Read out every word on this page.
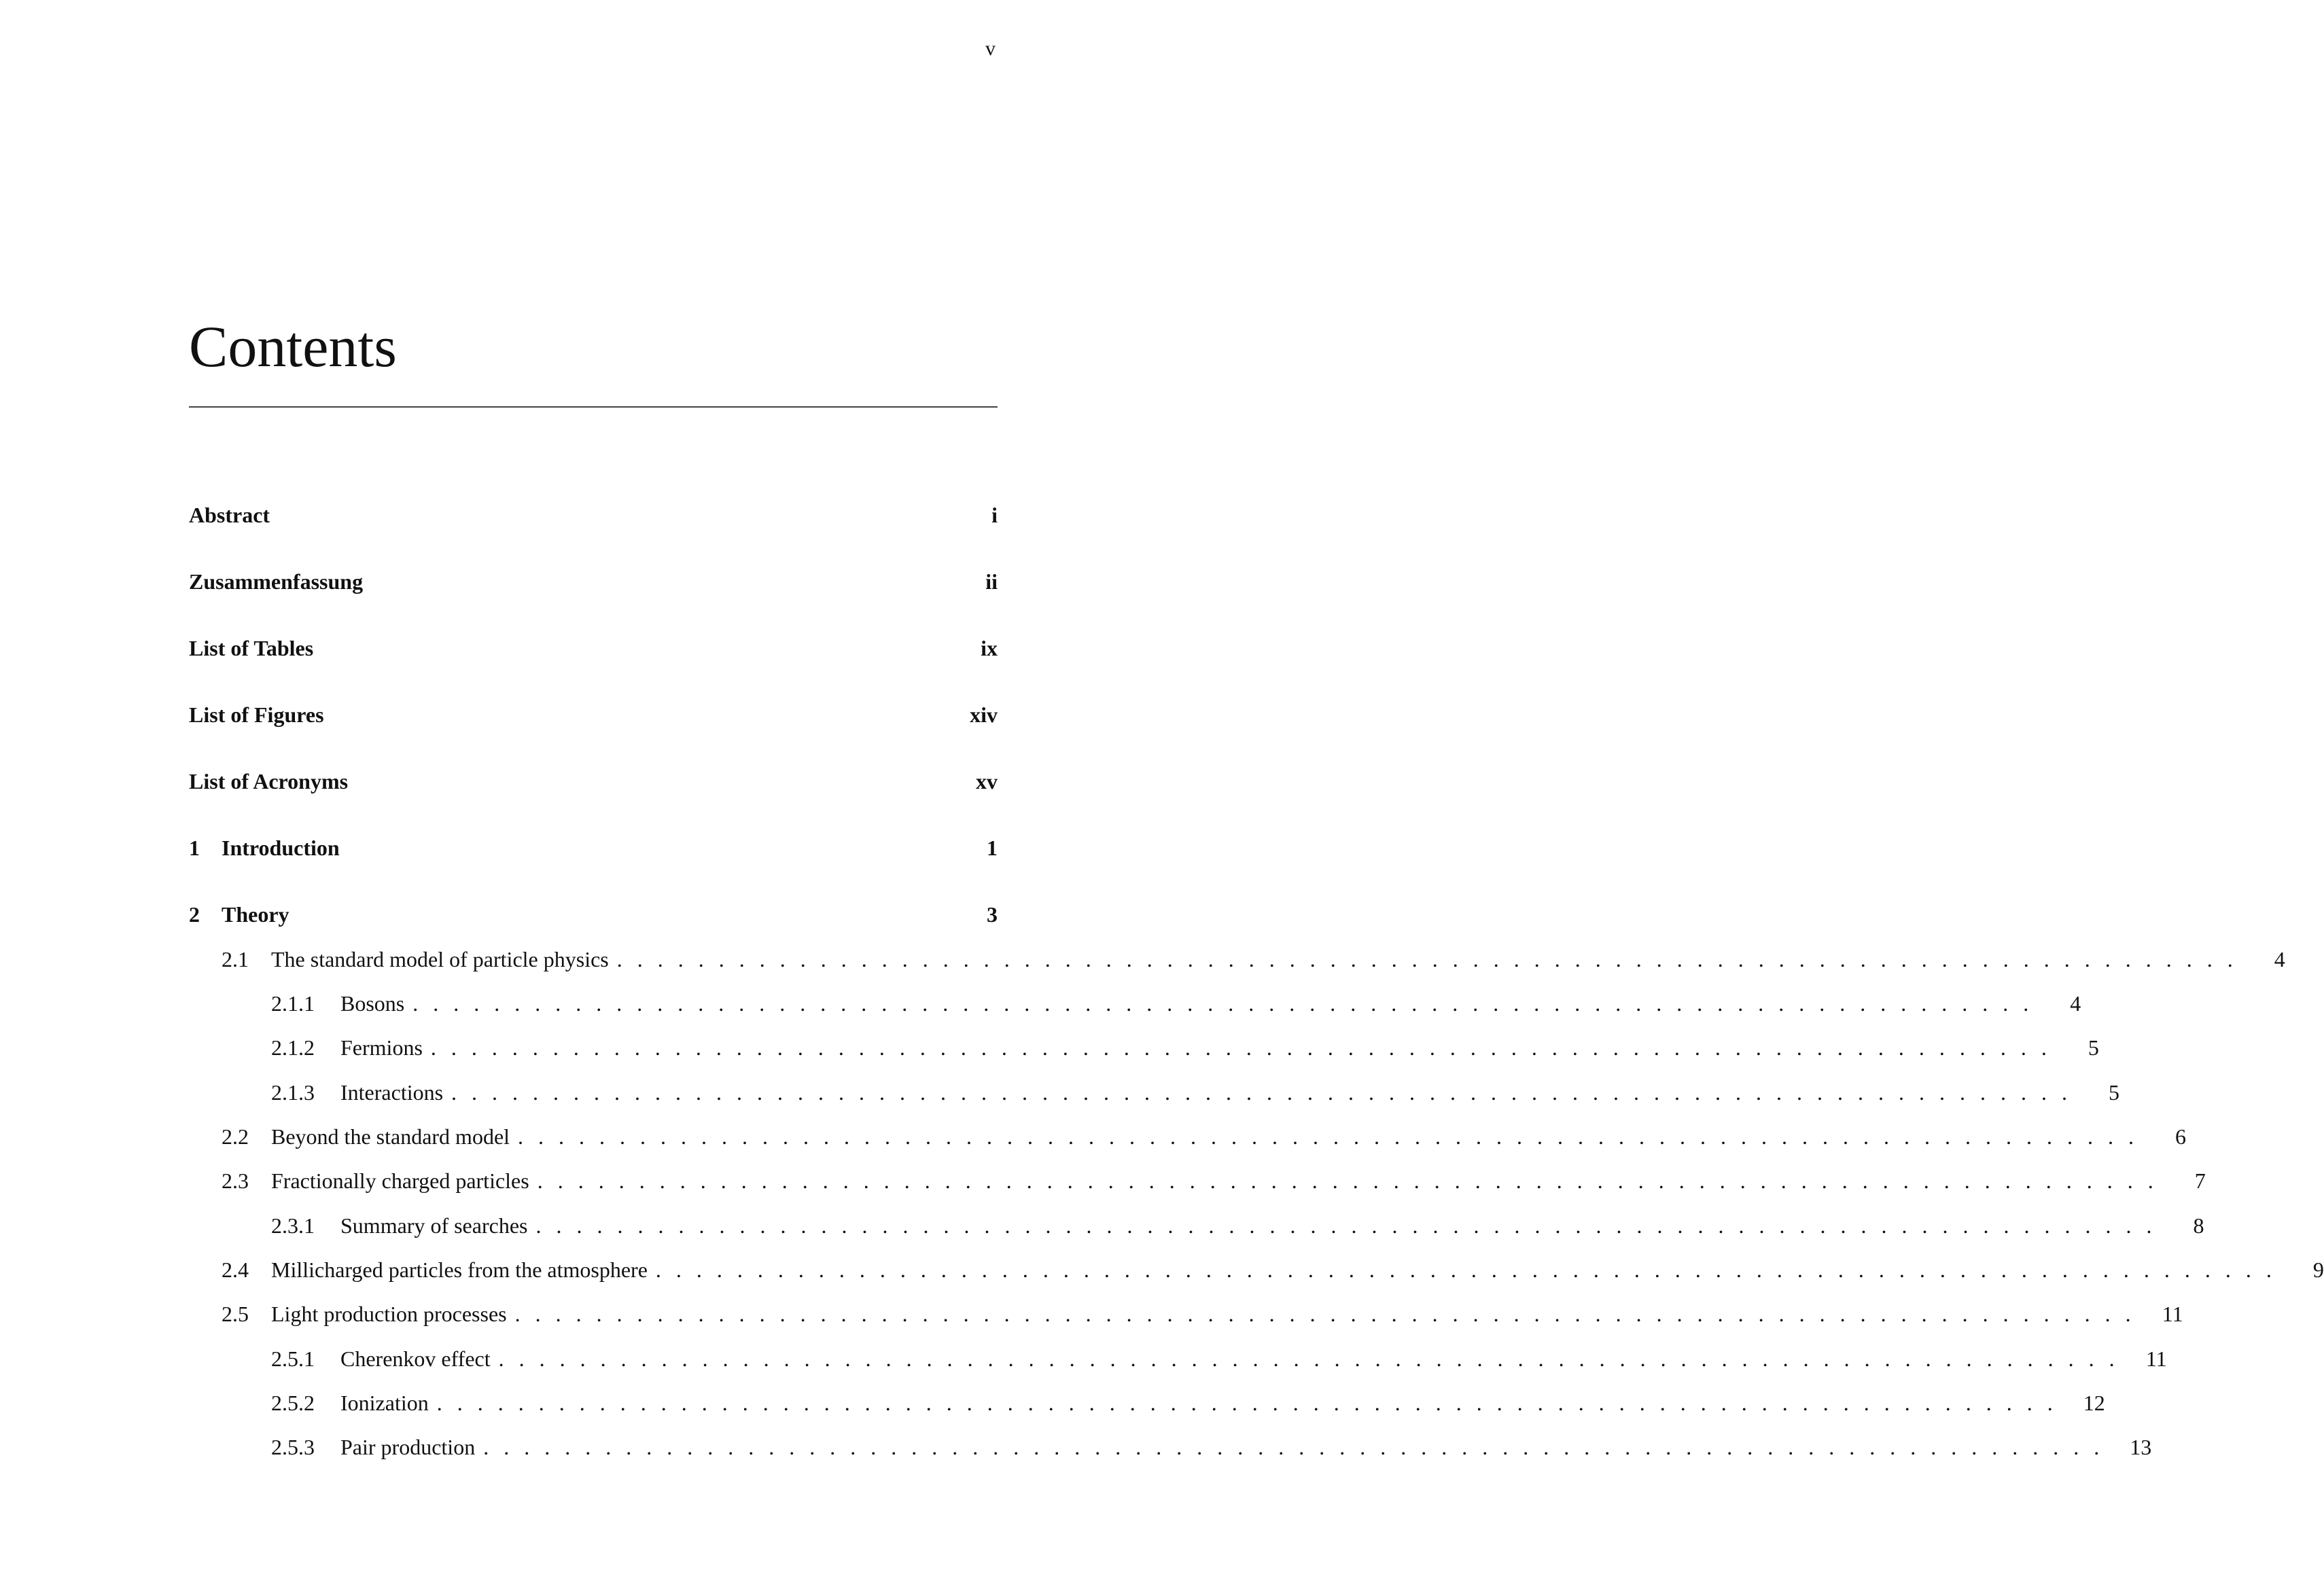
v
Contents
Abstract	i
Zusammenfassung	ii
List of Tables	ix
List of Figures	xiv
List of Acronyms	xv
1	Introduction	1
2	Theory	3
2.1	The standard model of particle physics . . . . . . . . . . . . . . . . . . . . . . . . . . . . . . . . . . . . . . . . . . . . . . . . . . . . . . . . . . . . . . . . . . . . . . . . . . . . . . . .	4
2.1.1	Bosons . . . . . . . . . . . . . . . . . . . . . . . . . . . . . . . . . . . . . . . . . . . . . . . . . . . . . . . . . . . . . . . . . . . . . . . . . . . . . . . .	4
2.1.2	Fermions . . . . . . . . . . . . . . . . . . . . . . . . . . . . . . . . . . . . . . . . . . . . . . . . . . . . . . . . . . . . . . . . . . . . . . . . . . . . . . . .	5
2.1.3	Interactions . . . . . . . . . . . . . . . . . . . . . . . . . . . . . . . . . . . . . . . . . . . . . . . . . . . . . . . . . . . . . . . . . . . . . . . . . . . . . . . .	5
2.2	Beyond the standard model . . . . . . . . . . . . . . . . . . . . . . . . . . . . . . . . . . . . . . . . . . . . . . . . . . . . . . . . . . . . . . . . . . . . . . . . . . . . . . . .	6
2.3	Fractionally charged particles . . . . . . . . . . . . . . . . . . . . . . . . . . . . . . . . . . . . . . . . . . . . . . . . . . . . . . . . . . . . . . . . . . . . . . . . . . . . . . . .	7
2.3.1	Summary of searches . . . . . . . . . . . . . . . . . . . . . . . . . . . . . . . . . . . . . . . . . . . . . . . . . . . . . . . . . . . . . . . . . . . . . . . . . . . . . . . .	8
2.4	Millicharged particles from the atmosphere . . . . . . . . . . . . . . . . . . . . . . . . . . . . . . . . . . . . . . . . . . . . . . . . . . . . . . . . . . . . . . . . . . . . . . . . . . . . . . . .	9
2.5	Light production processes . . . . . . . . . . . . . . . . . . . . . . . . . . . . . . . . . . . . . . . . . . . . . . . . . . . . . . . . . . . . . . . . . . . . . . . . . . . . . . . . 11
2.5.1	Cherenkov effect . . . . . . . . . . . . . . . . . . . . . . . . . . . . . . . . . . . . . . . . . . . . . . . . . . . . . . . . . . . . . . . . . . . . . . . . . . . . . . . . 11
2.5.2	Ionization . . . . . . . . . . . . . . . . . . . . . . . . . . . . . . . . . . . . . . . . . . . . . . . . . . . . . . . . . . . . . . . . . . . . . . . . . . . . . . . . 12
2.5.3	Pair production . . . . . . . . . . . . . . . . . . . . . . . . . . . . . . . . . . . . . . . . . . . . . . . . . . . . . . . . . . . . . . . . . . . . . . . . . . . . . . . . 13
